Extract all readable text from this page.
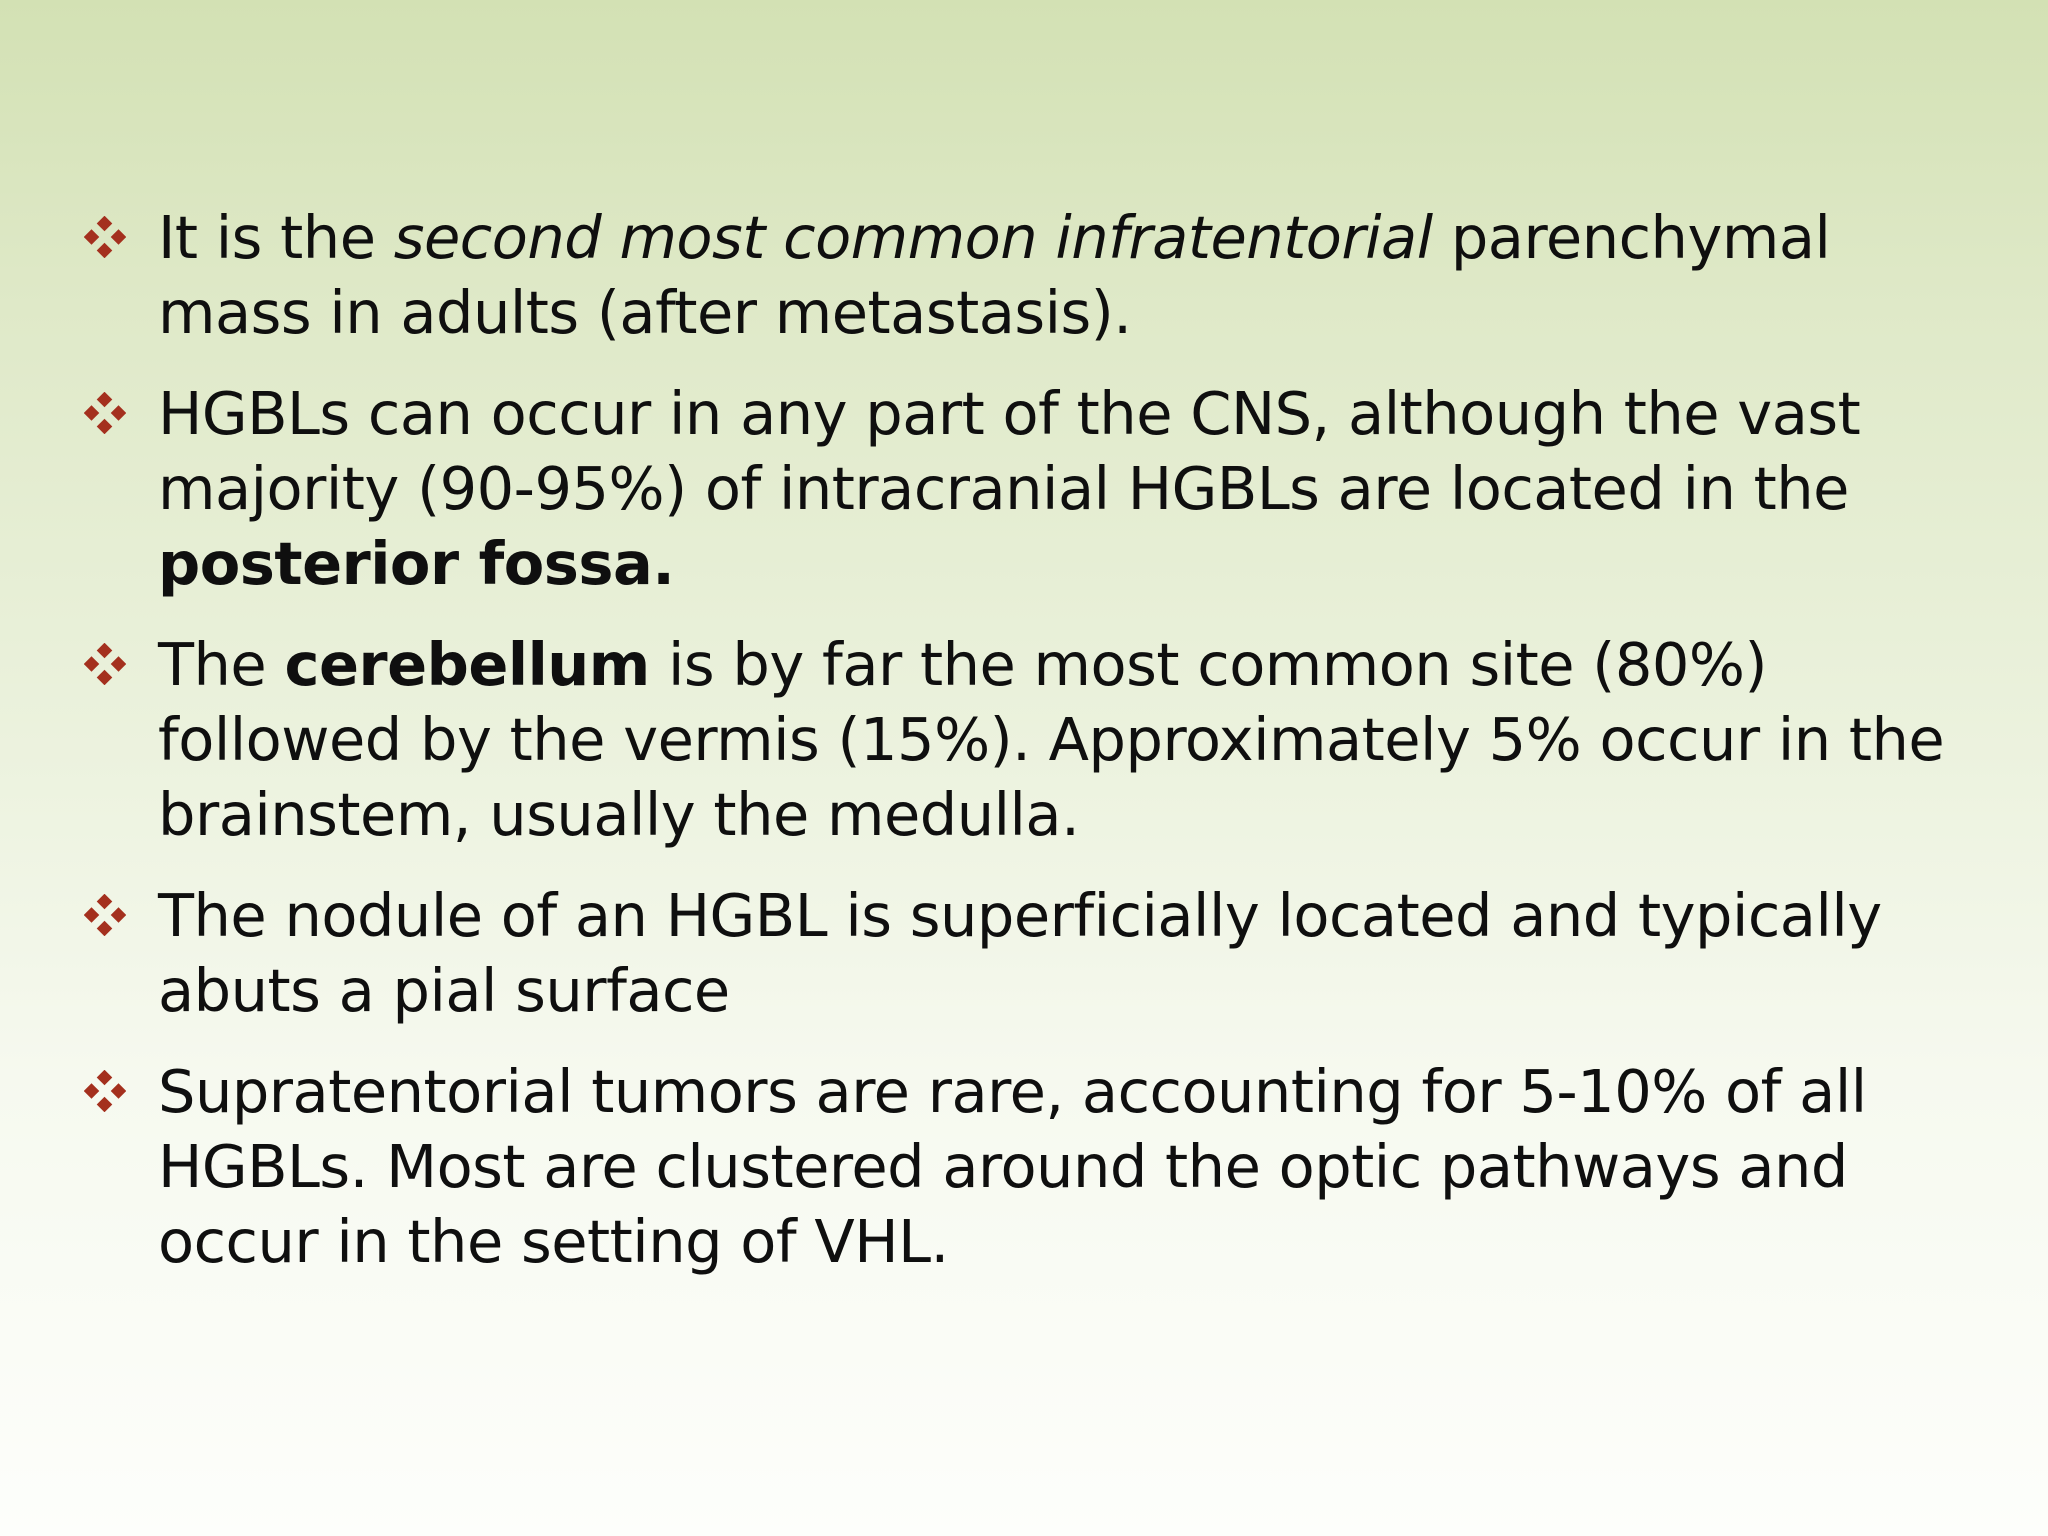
It is the second most common infratentorial parenchymal mass in adults (after metastasis).
HGBLs can occur in any part of the CNS, although the vast majority (90-95%) of intracranial HGBLs are located in the posterior fossa.
The cerebellum is by far the most common site (80%) followed by the vermis (15%). Approximately 5% occur in the brainstem, usually the medulla.
The nodule of an HGBL is superficially located and typically abuts a pial surface
Supratentorial tumors are rare, accounting for 5-10% of all HGBLs. Most are clustered around the optic pathways and occur in the setting of VHL.
